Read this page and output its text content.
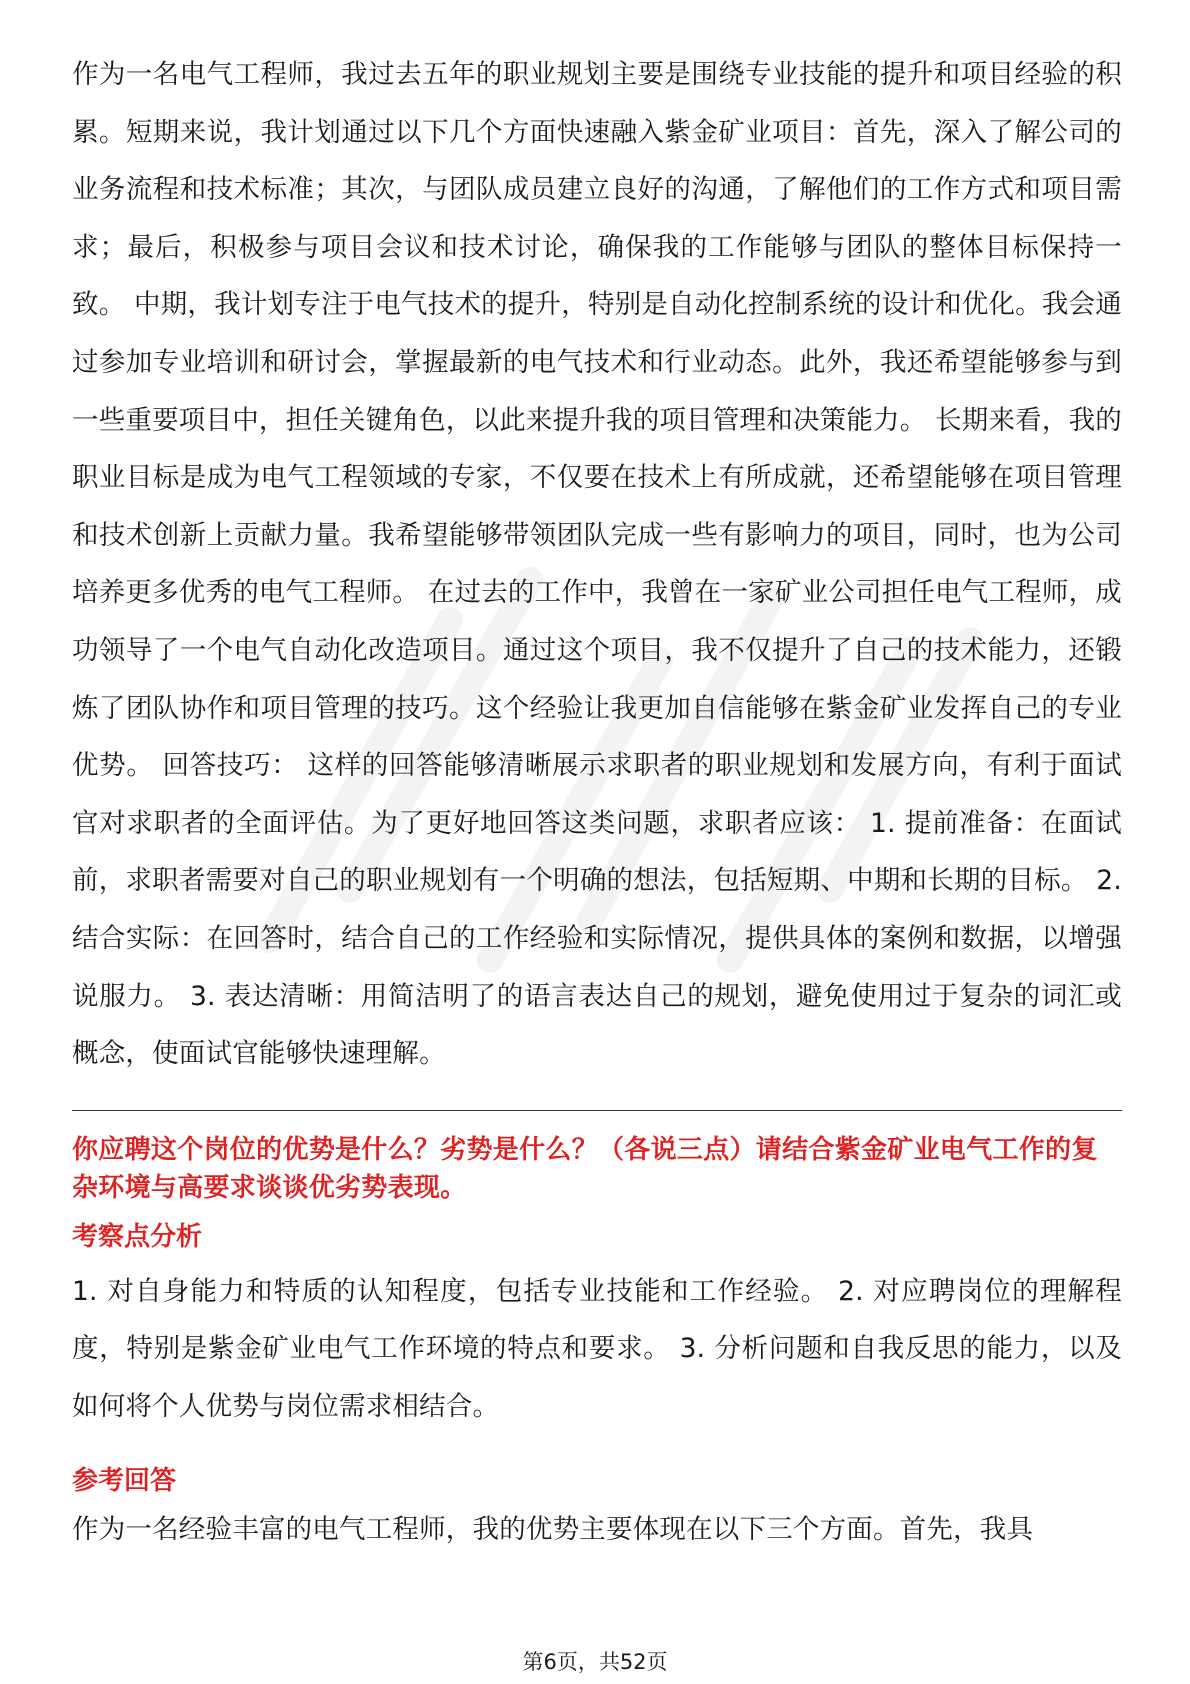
作为一名电气工程师，我过去五年的职业规划主要是围绕专业技能的提升和项目经验的积累。短期来说，我计划通过以下几个方面快速融入紫金矿业项目：首先，深入了解公司的业务流程和技术标准；其次，与团队成员建立良好的沟通，了解他们的工作方式和项目需求；最后，积极参与项目会议和技术讨论，确保我的工作能够与团队的整体目标保持一致。 中期，我计划专注于电气技术的提升，特别是自动化控制系统的设计和优化。我会通过参加专业培训和研讨会，掌握最新的电气技术和行业动态。此外，我还希望能够参与到一些重要项目中，担任关键角色，以此来提升我的项目管理和决策能力。 长期来看，我的职业目标是成为电气工程领域的专家，不仅要在技术上有所成就，还希望能够在项目管理和技术创新上贡献力量。我希望能够带领团队完成一些有影响力的项目，同时，也为公司培养更多优秀的电气工程师。 在过去的工作中，我曾在一家矿业公司担任电气工程师，成功领导了一个电气自动化改造项目。通过这个项目，我不仅提升了自己的技术能力，还锻炼了团队协作和项目管理的技巧。这个经验让我更加自信能够在紫金矿业发挥自己的专业优势。 回答技巧： 这样的回答能够清晰展示求职者的职业规划和发展方向，有利于面试官对求职者的全面评估。为了更好地回答这类问题，求职者应该： 1. 提前准备：在面试前，求职者需要对自己的职业规划有一个明确的想法，包括短期、中期和长期的目标。 2. 结合实际：在回答时，结合自己的工作经验和实际情况，提供具体的案例和数据，以增强说服力。 3. 表达清晰：用简洁明了的语言表达自己的规划，避免使用过于复杂的词汇或概念，使面试官能够快速理解。

你应聘这个岗位的优势是什么？劣势是什么？（各说三点）请结合紫金矿业电气工作的复杂环境与高要求谈谈优劣势表现。

考察点分析

1. 对自身能力和特质的认知程度，包括专业技能和工作经验。 2. 对应聘岗位的理解程度，特别是紫金矿业电气工作环境的特点和要求。 3. 分析问题和自我反思的能力，以及如何将个人优势与岗位需求相结合。

参考回答

作为一名经验丰富的电气工程师，我的优势主要体现在以下三个方面。首先，我具

第6页，共52页
